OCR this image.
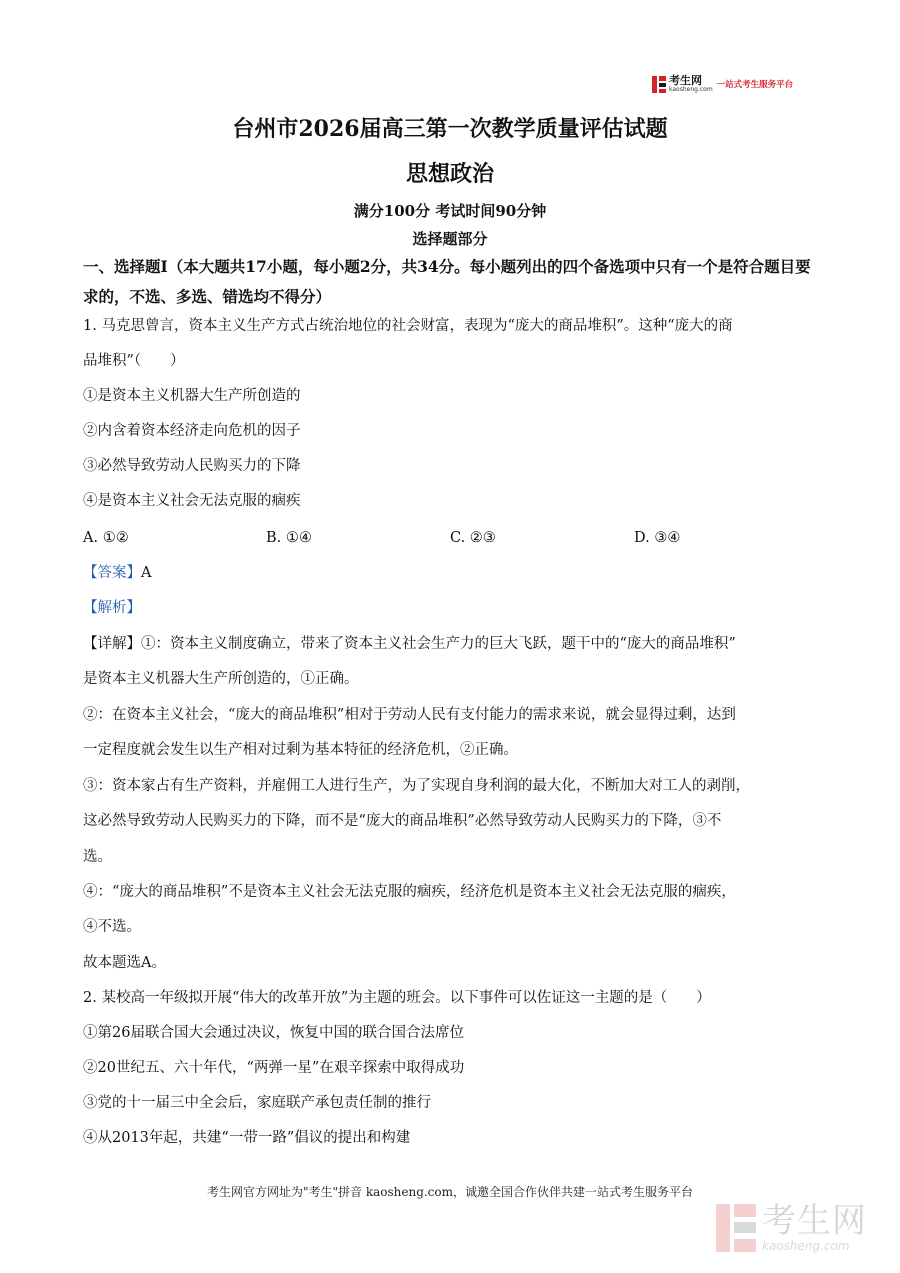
考生网
kaosheng.com 一站式考生服务平台
台州市2026届高三第一次教学质量评估试题
思想政治
满分100分 考试时间90分钟
选择题部分
一、选择题Ⅰ（本大题共17小题，每小题2分，共34分。每小题列出的四个备选项中只有一个是符合题目要求的，不选、多选、错选均不得分）
1. 马克思曾言，资本主义生产方式占统治地位的社会财富，表现为“庞大的商品堆积”。这种“庞大的商
品堆积”（　　）
①是资本主义机器大生产所创造的
②内含着资本经济走向危机的因子
③必然导致劳动人民购买力的下降
④是资本主义社会无法克服的痼疾
A. ①②	B. ①④	C. ②③	D. ③④
【答案】A
【解析】
【详解】①：资本主义制度确立，带来了资本主义社会生产力的巨大飞跃，题干中的“庞大的商品堆积”
是资本主义机器大生产所创造的，①正确。
②：在资本主义社会，“庞大的商品堆积”相对于劳动人民有支付能力的需求来说，就会显得过剩，达到
一定程度就会发生以生产相对过剩为基本特征的经济危机，②正确。
③：资本家占有生产资料，并雇佣工人进行生产，为了实现自身利润的最大化，不断加大对工人的剥削，
这必然导致劳动人民购买力的下降，而不是“庞大的商品堆积”必然导致劳动人民购买力的下降，③不
选。
④：“庞大的商品堆积”不是资本主义社会无法克服的痼疾，经济危机是资本主义社会无法克服的痼疾，
④不选。
故本题选A。
2. 某校高一年级拟开展“伟大的改革开放”为主题的班会。以下事件可以佐证这一主题的是（　　）
①第26届联合国大会通过决议，恢复中国的联合国合法席位
②20世纪五、六十年代，“两弹一星”在艰辛探索中取得成功
③党的十一届三中全会后，家庭联产承包责任制的推行
④从2013年起，共建“一带一路”倡议的提出和构建
考生网官方网址为"考生"拼音 kaosheng.com，诚邀全国合作伙伴共建一站式考生服务平台
考生网
kaosheng.com
